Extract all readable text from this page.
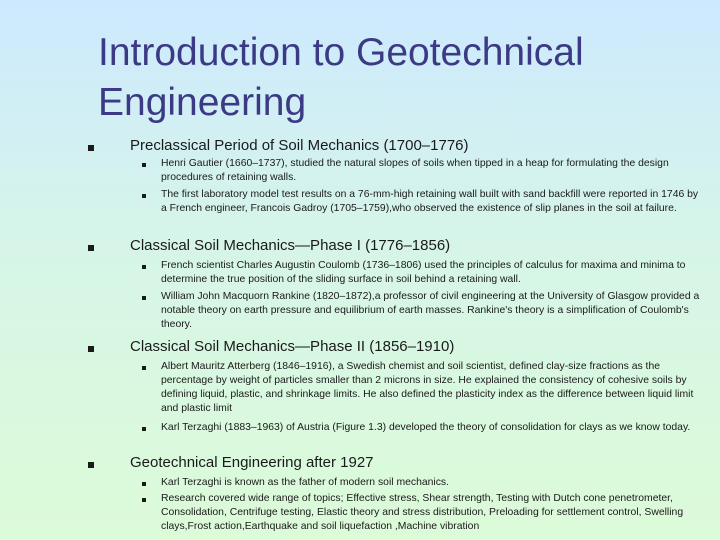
Introduction to Geotechnical Engineering
Preclassical Period of Soil Mechanics (1700–1776)
Henri Gautier (1660–1737), studied the natural slopes of soils when tipped in a heap for formulating the design procedures of retaining walls.
The first laboratory model test results on a 76-mm-high retaining wall built with sand backfill were reported in 1746 by a French engineer, Francois Gadroy (1705–1759),who observed the existence of slip planes in the soil at failure.
Classical Soil Mechanics—Phase I (1776–1856)
French scientist Charles Augustin Coulomb (1736–1806) used the principles of calculus for maxima and minima to determine the true position of the sliding surface in soil behind a retaining wall.
William John Macquorn Rankine (1820–1872),a professor of civil engineering at the University of Glasgow provided a notable theory on earth pressure and equilibrium of earth masses. Rankine's theory is a simplification of Coulomb's theory.
Classical Soil Mechanics—Phase II (1856–1910)
Albert Mauritz Atterberg (1846–1916), a Swedish chemist and soil scientist, defined clay-size fractions as the percentage by weight of particles smaller than 2 microns in size. He explained the consistency of cohesive soils by defining liquid, plastic, and shrinkage limits. He also defined the plasticity index as the difference between liquid limit and plastic limit
Karl Terzaghi (1883–1963) of Austria (Figure 1.3) developed the theory of consolidation for clays as we know today.
Geotechnical Engineering after 1927
Karl Terzaghi is known as the father of modern soil mechanics.
Research covered wide range of topics; Effective stress, Shear strength, Testing with Dutch cone penetrometer, Consolidation, Centrifuge testing, Elastic theory and stress distribution, Preloading for settlement control, Swelling clays,Frost action,Earthquake and soil liquefaction ,Machine vibration
